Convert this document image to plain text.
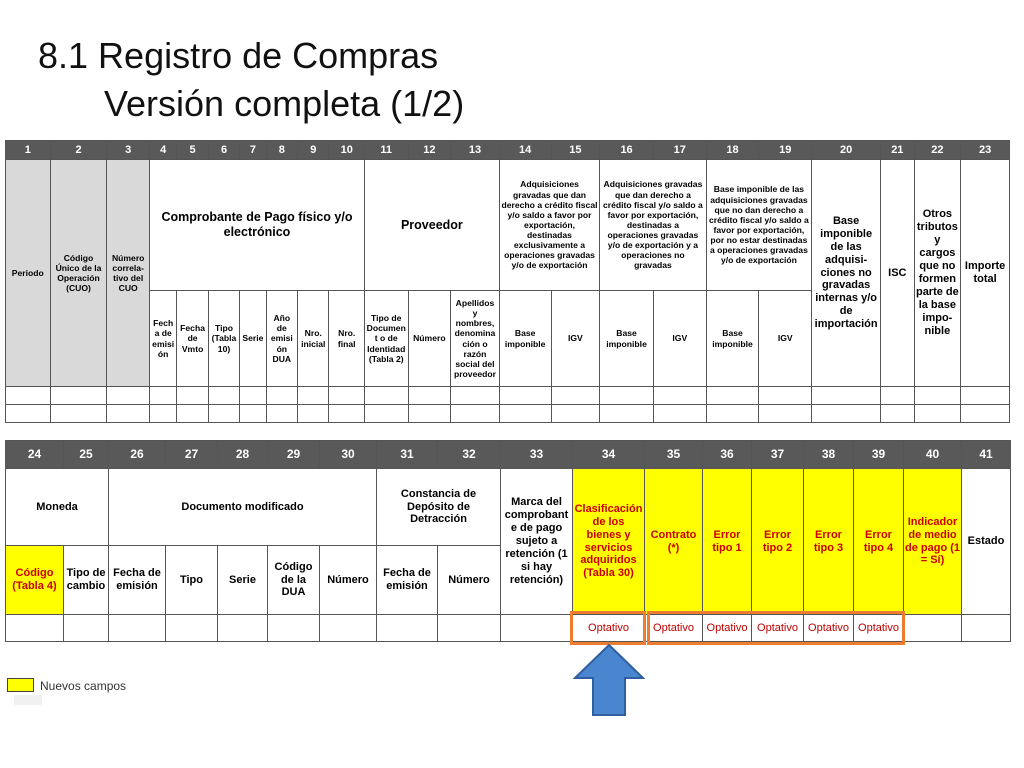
8.1 Registro de Compras
Versión completa (1/2)
1	2	3	4	5	6	7	8	9	10	11	12	13	14	15	16	17	18	19	20	21	22	23
Periodo	Código Único de la Operación (CUO)	Número correla-tivo del CUO	Comprobante de Pago físico y/o electrónico							Proveedor			Adquisiciones gravadas que dan derecho a crédito fiscal y/o saldo a favor por exportación, destinadas exclusivamente a operaciones gravadas y/o de exportación		Adquisiciones gravadas que dan derecho a crédito fiscal y/o saldo a favor por exportación, destinadas a operaciones gravadas y/o de exportación y a operaciones no gravadas		Base imponible de las adquisiciones gravadas que no dan derecho a crédito fiscal y/o saldo a favor por exportación, por no estar destinadas a operaciones gravadas y/o de exportación		Base imponible de las adquisi-ciones no gravadas internas y/o de importación	ISC	Otros tributos y cargos que no formen parte de la base impo-nible	Importe total
			Fech a de emisi ón	Fecha de Vmto	Tipo (Tabla 10)	Serie	Año de emisi ón DUA	Nro. inicial	Nro. final	Tipo de Document o de Identidad (Tabla 2)	Número	Apellidos y nombres, denomina ción o razón social del proveedor	Base imponible	IGV	Base imponible	IGV	Base imponible	IGV				

24	25	26	27	28	29	30	31	32	33	34	35	36	37	38	39	40	41
Moneda		Documento modificado					Constancia de Depósito de Detracción		Marca del comprobant e de pago sujeto a retención (1 si hay retención)	Clasificación de los bienes y servicios adquiridos (Tabla 30)	Contrato (*)	Error tipo 1	Error tipo 2	Error tipo 3	Error tipo 4	Indicador de medio de pago (1 = Sí)	Estado
Código (Tabla 4)	Tipo de cambio	Fecha de emisión	Tipo	Serie	Código de la DUA	Número	Fecha de emisión	Número									
										Optativo	Optativo	Optativo	Optativo	Optativo	Optativo		
Nuevos campos
